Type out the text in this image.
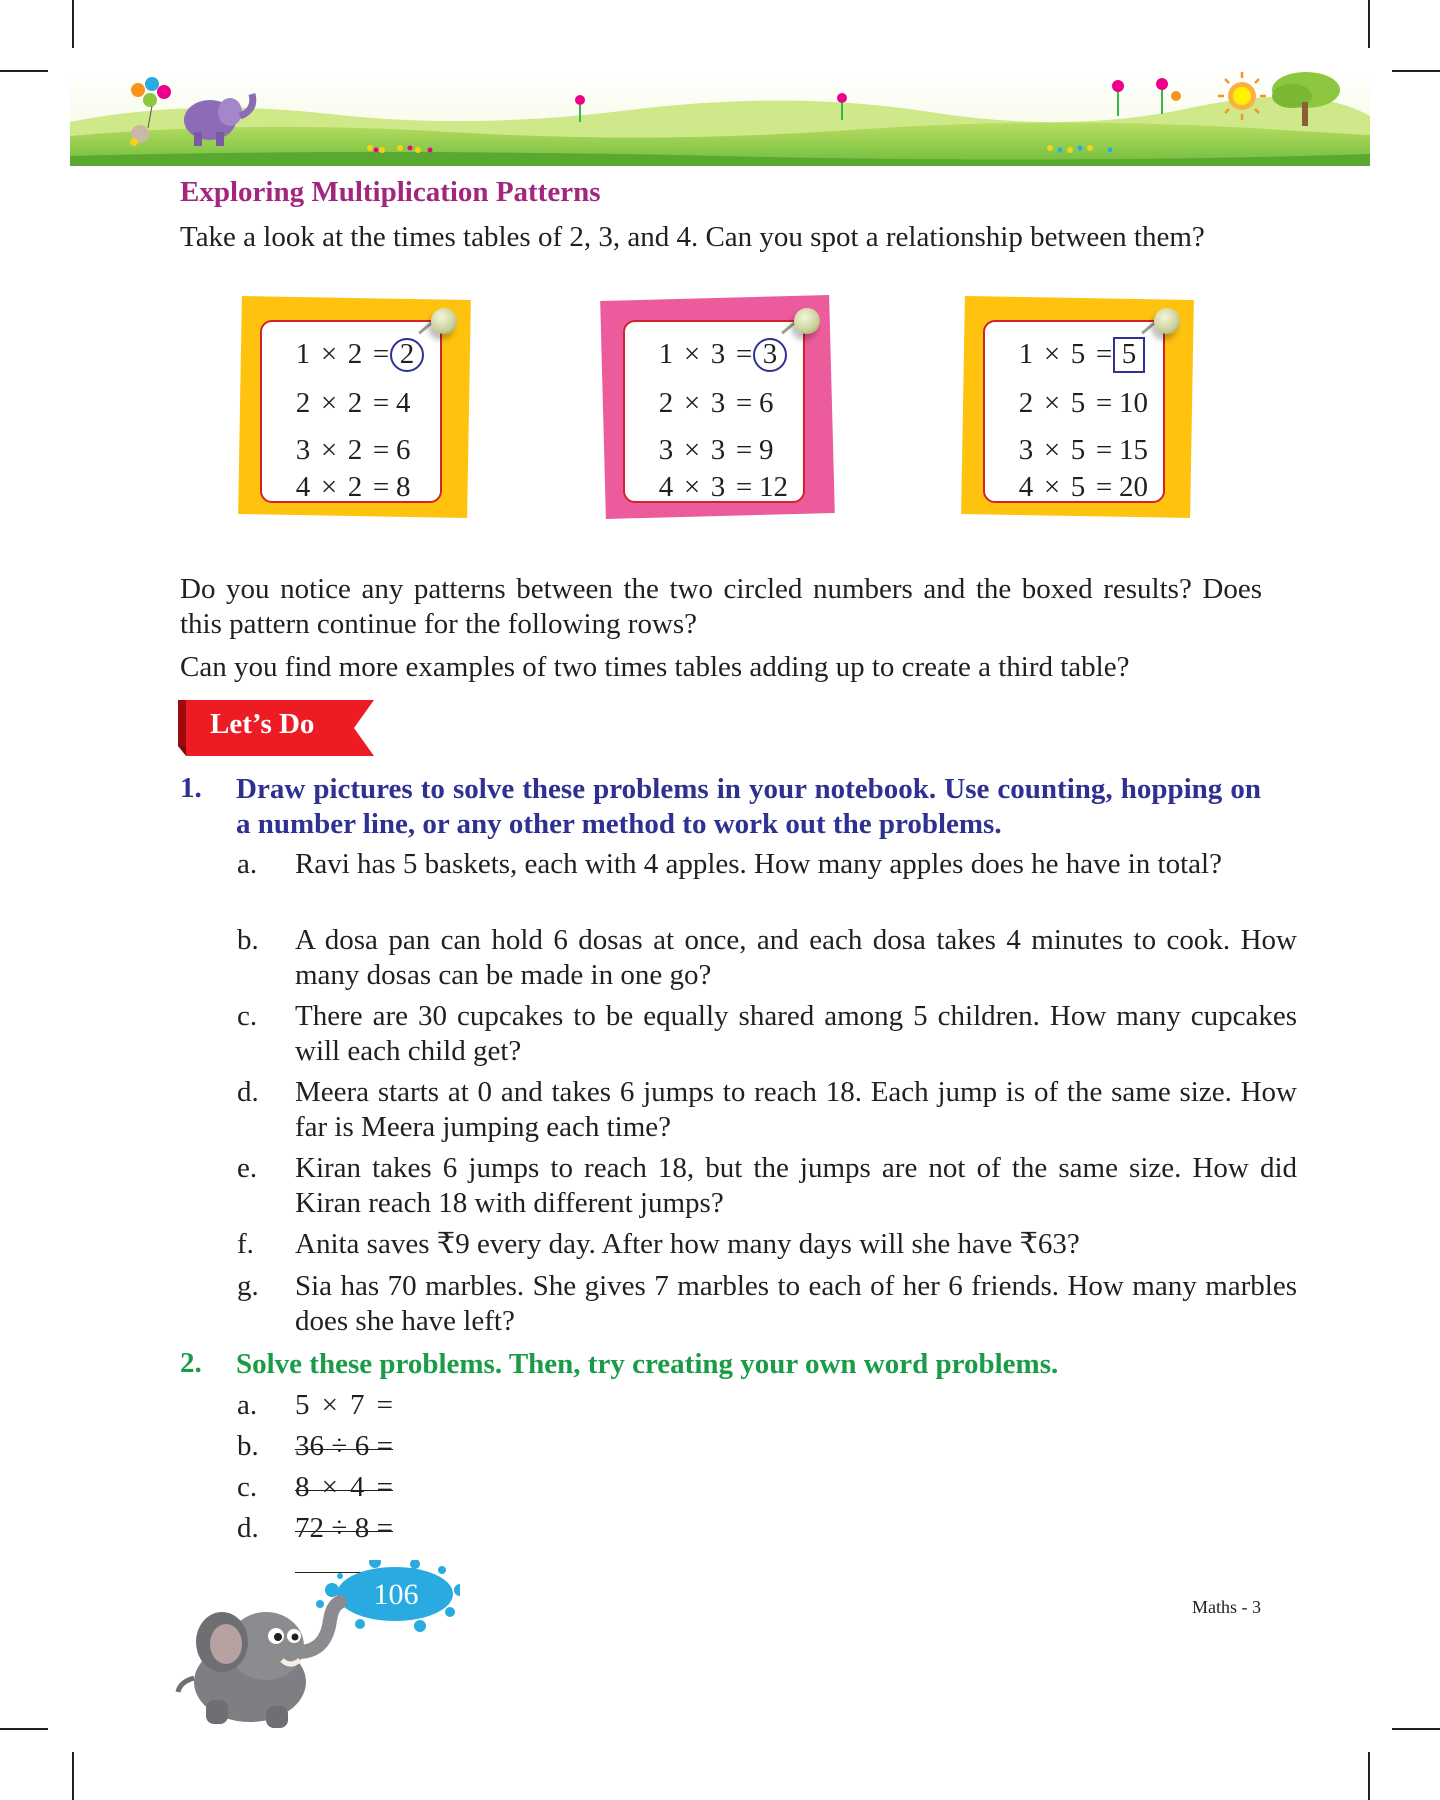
Exploring Multiplication Patterns
Take a look at the times tables of 2, 3, and 4. Can you spot a relationship between them?
1 × 2 = 2
2 × 2 = 4
3 × 2 = 6
4 × 2 = 8
1 × 3 = 3
2 × 3 = 6
3 × 3 = 9
4 × 3 = 12
1 × 5 = 5
2 × 5 = 10
3 × 5 = 15
4 × 5 = 20
Do you notice any patterns between the two circled numbers and the boxed results? Does this pattern continue for the following rows?
Can you find more examples of two times tables adding up to create a third table?
Let’s Do
1. Draw pictures to solve these problems in your notebook. Use counting, hopping on a number line, or any other method to work out the problems.
a.	Ravi has 5 baskets, each with 4 apples. How many apples does he have in total?
b.	A dosa pan can hold 6 dosas at once, and each dosa takes 4 minutes to cook. How many dosas can be made in one go?
c.	There are 30 cupcakes to be equally shared among 5 children. How many cupcakes will each child get?
d.	Meera starts at 0 and takes 6 jumps to reach 18. Each jump is of the same size. How far is Meera jumping each time?
e.	Kiran takes 6 jumps to reach 18, but the jumps are not of the same size. How did Kiran reach 18 with different jumps?
f.	Anita saves ₹9 every day. After how many days will she have ₹63?
g.	Sia has 70 marbles. She gives 7 marbles to each of her 6 friends. How many marbles does she have left?
2. Solve these problems. Then, try creating your own word problems.
a.	5 × 7 =
b.	36 ÷ 6 =
c.	8 × 4 =
d.	72 ÷ 8 =
106	Maths - 3
